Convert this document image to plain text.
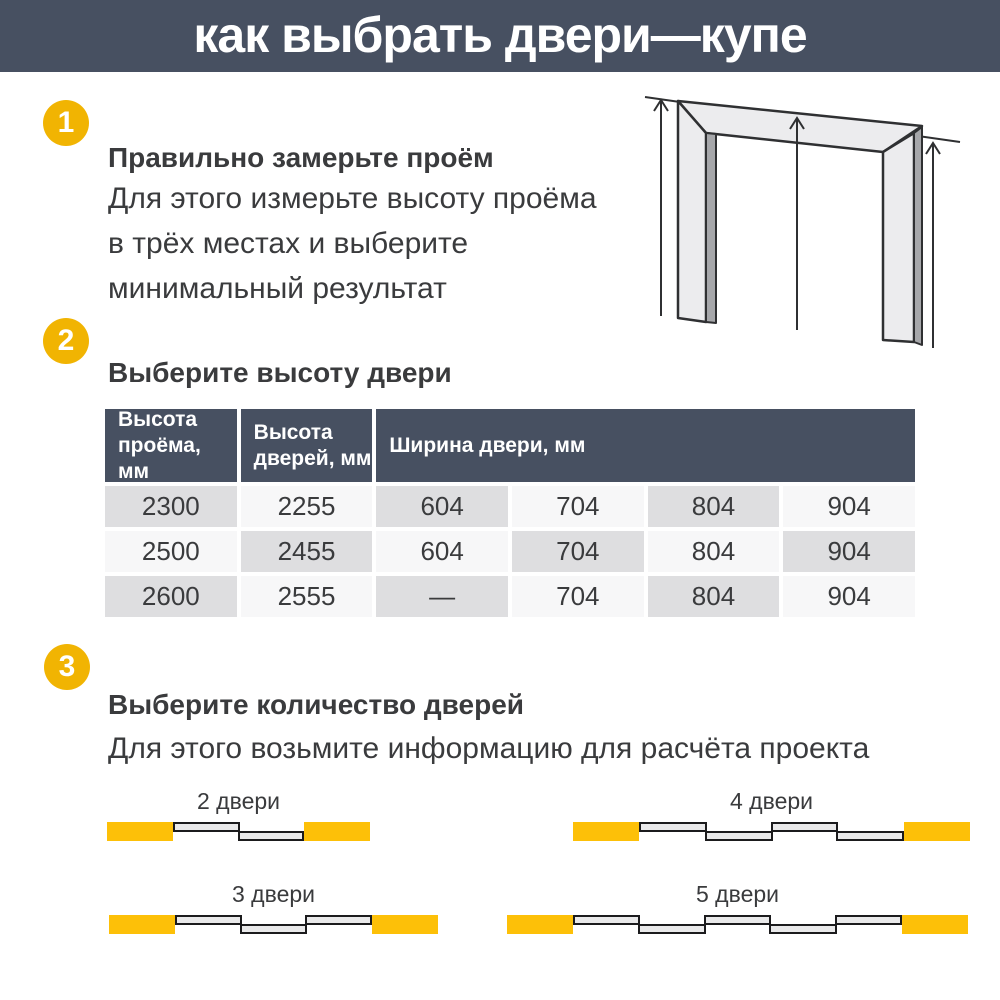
как выбрать двери—купе
1
Правильно замерьте проём
Для этого измерьте высоту проёма
в трёх местах и выберите
минимальный результат
2
Выберите высоту двери
Высота проёма, мм
Высота дверей, мм
Ширина двери, мм
2300	2255	604	704	804	904
2500	2455	604	704	804	904
2600	2555	—	704	804	904
3
Выберите количество дверей
Для этого возьмите информацию для расчёта проекта
2 двери	4 двери
3 двери	5 двери
